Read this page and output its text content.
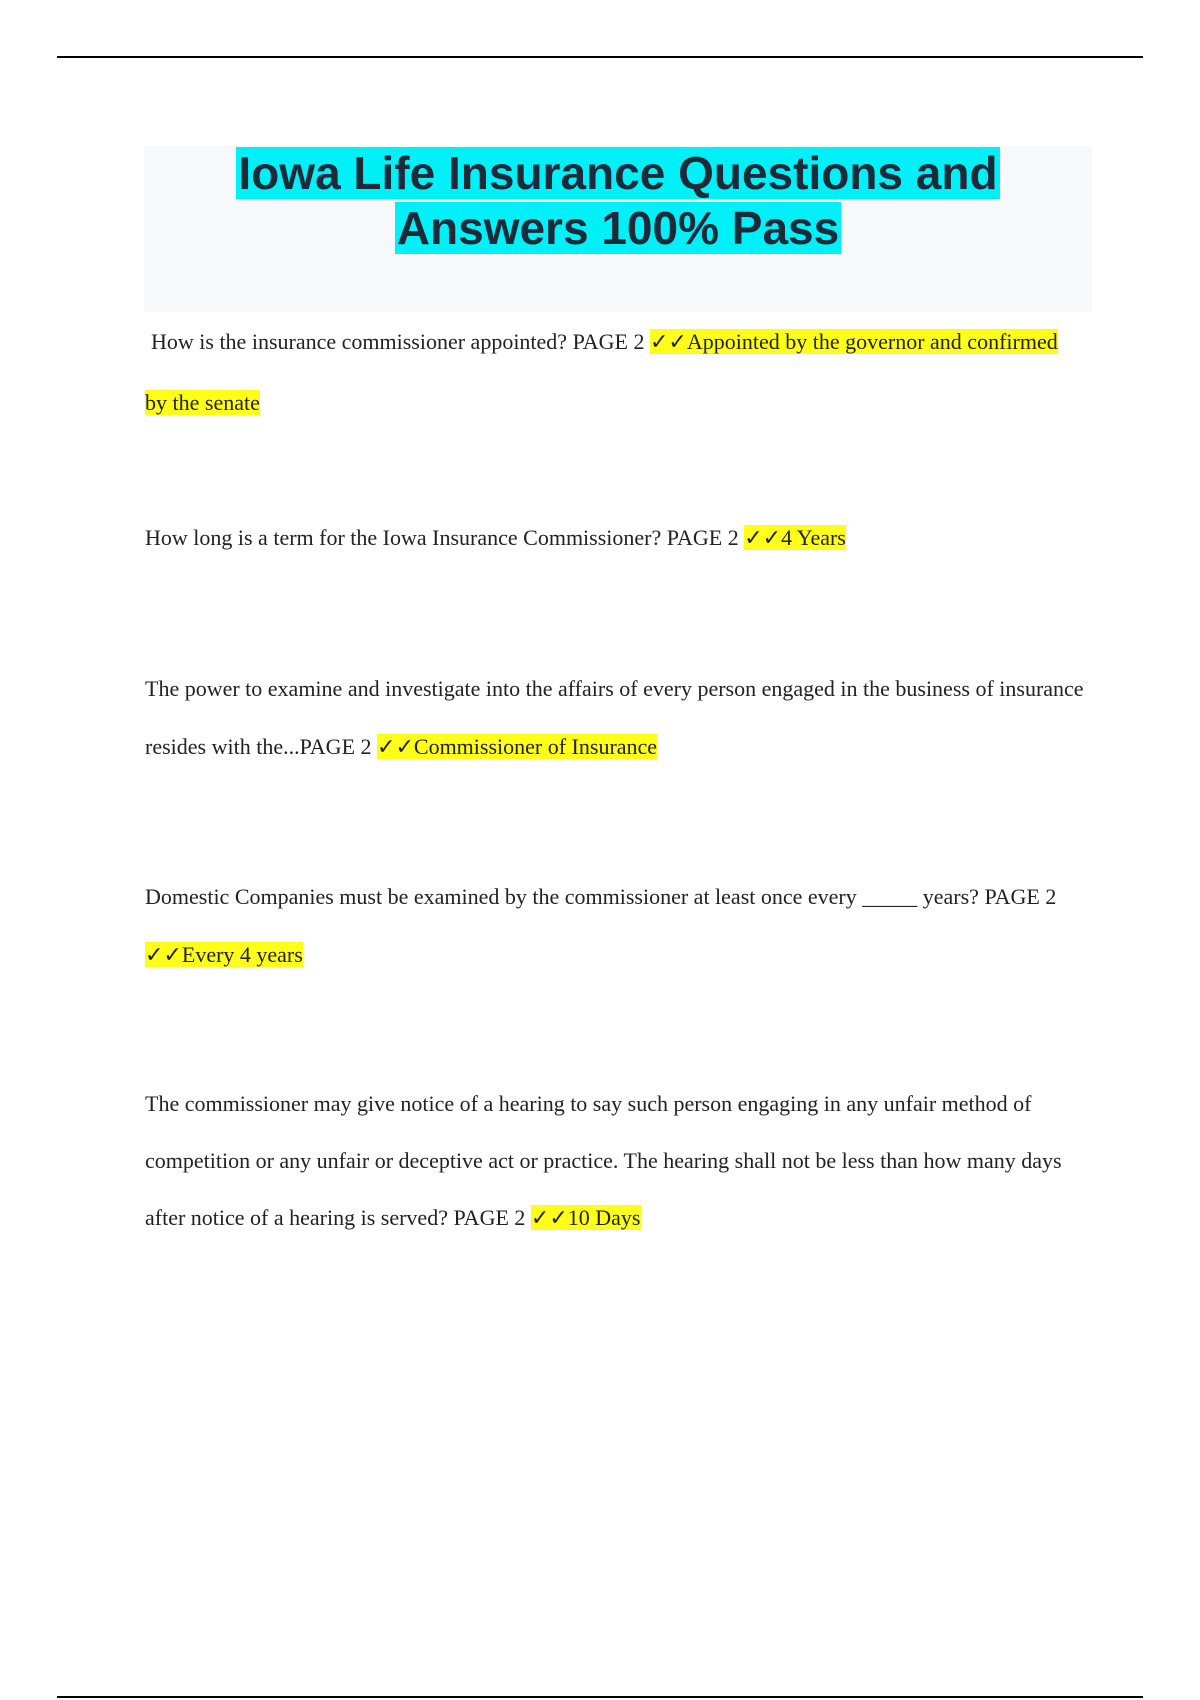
Iowa Life Insurance Questions and
Answers 100% Pass

How is the insurance commissioner appointed? PAGE 2 ✓✓Appointed by the governor and confirmed by the senate

How long is a term for the Iowa Insurance Commissioner? PAGE 2 ✓✓4 Years

The power to examine and investigate into the affairs of every person engaged in the business of insurance resides with the...PAGE 2 ✓✓Commissioner of Insurance

Domestic Companies must be examined by the commissioner at least once every _____ years? PAGE 2 ✓✓Every 4 years

The commissioner may give notice of a hearing to say such person engaging in any unfair method of competition or any unfair or deceptive act or practice. The hearing shall not be less than how many days after notice of a hearing is served? PAGE 2 ✓✓10 Days
